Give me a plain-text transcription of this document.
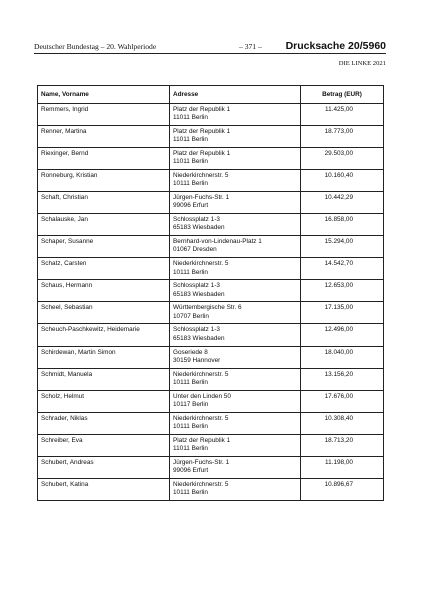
Deutscher Bundestag – 20. Wahlperiode	– 371 – Drucksache 20/5960
DIE LINKE 2021
Name, Vorname	Adresse	Betrag (EUR)

Remmers, Ingrid	Platz der Republik 1
11011 Berlin	11.425,00

Renner, Martina	Platz der Republik 1
11011 Berlin	18.773,00

Riexinger, Bernd	Platz der Republik 1
11011 Berlin	29.503,00

Ronneburg, Kristian	Niederkirchnerstr. 5
10111 Berlin	10.160,40

Schaft, Christian	Jürgen-Fuchs-Str. 1
99096 Erfurt	10.442,29

Schalauske, Jan	Schlossplatz 1-3
65183 Wiesbaden	16.858,00

Schaper, Susanne	Bernhard-von-Lindenau-Platz 1
01067 Dresden	15.294,00

Schatz, Carsten	Niederkirchnerstr. 5
10111 Berlin	14.542,70

Schaus, Hermann	Schlossplatz 1-3
65183 Wiesbaden	12.653,00

Scheel, Sebastian	Württembergische Str. 6
10707 Berlin	17.135,00

Scheuch-Paschkewitz, Heidemarie	Schlossplatz 1-3
65183 Wiesbaden	12.496,00

Schirdewan, Martin Simon	Goseriede 8
30159 Hannover	18.040,00

Schmidt, Manuela	Niederkirchnerstr. 5
10111 Berlin	13.156,20

Scholz, Helmut	Unter den Linden 50
10117 Berlin	17.676,00

Schrader, Niklas	Niederkirchnerstr. 5
10111 Berlin	10.308,40

Schreiber, Eva	Platz der Republik 1
11011 Berlin	18.713,20

Schubert, Andreas	Jürgen-Fuchs-Str. 1
99096 Erfurt	11.198,00

Schubert, Katina	Niederkirchnerstr. 5
10111 Berlin	10.896,67
